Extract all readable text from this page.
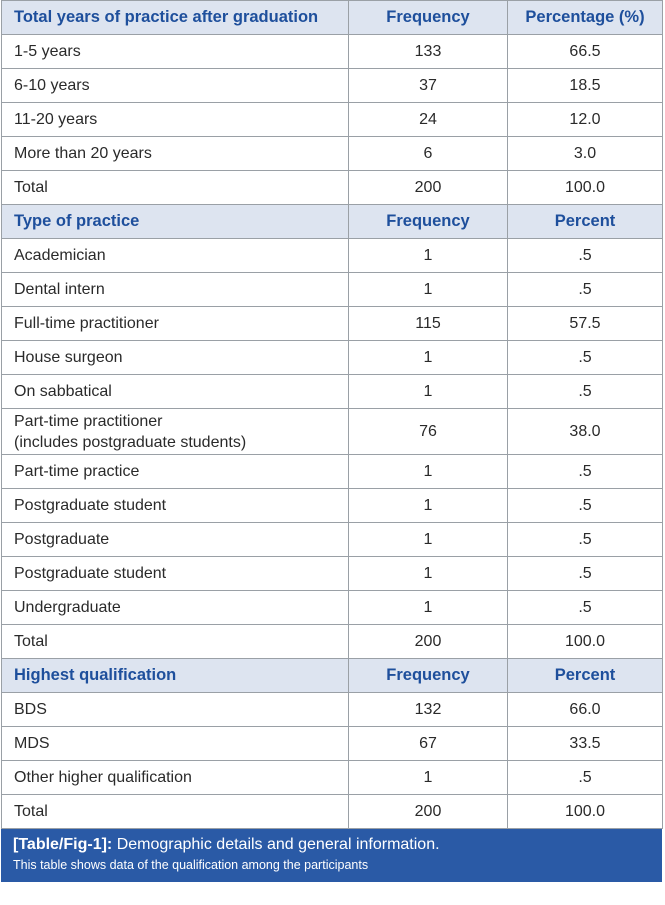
Total years of practice after graduation	Frequency	Percentage (%)
1-5 years	133	66.5
6-10 years	37	18.5
11-20 years	24	12.0
More than 20 years	6	3.0
Total	200	100.0
Type of practice	Frequency	Percent
Academician	1	.5
Dental intern	1	.5
Full-time practitioner	115	57.5
House surgeon	1	.5
On sabbatical	1	.5
Part-time practitioner
(includes postgraduate students)	76	38.0
Part-time practice	1	.5
Postgraduate student	1	.5
Postgraduate	1	.5
Postgraduate student	1	.5
Undergraduate	1	.5
Total	200	100.0
Highest qualification	Frequency	Percent
BDS	132	66.0
MDS	67	33.5
Other higher qualification	1	.5
Total	200	100.0
[Table/Fig-1]: Demographic details and general information.
This table shows data of the qualification among the participants
